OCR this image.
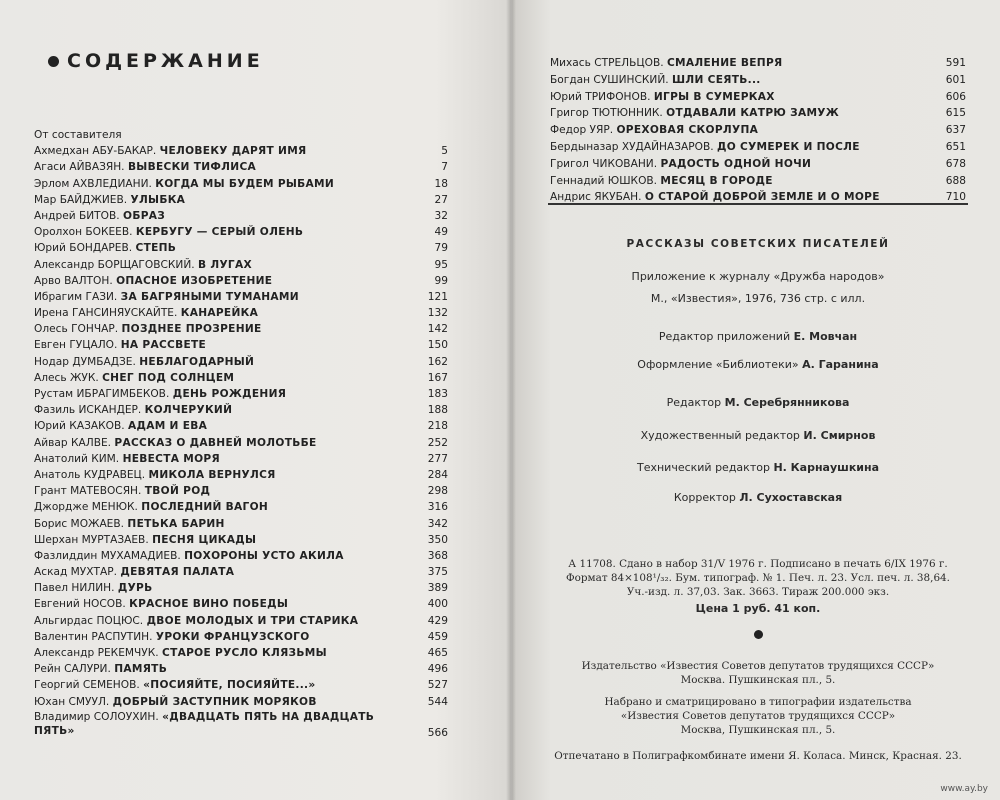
СОДЕРЖАНИЕ
От составителя
Ахмедхан АБУ-БАКАР. ЧЕЛОВЕКУ ДАРЯТ ИМЯ	5
Агаси АЙВАЗЯН. ВЫВЕСКИ ТИФЛИСА	7
Эрлом АХВЛЕДИАНИ. КОГДА МЫ БУДЕМ РЫБАМИ	18
Мар БАЙДЖИЕВ. УЛЫБКА	27
Андрей БИТОВ. ОБРАЗ	32
Оролхон БОКЕЕВ. КЕРБУГУ — СЕРЫЙ ОЛЕНЬ	49
Юрий БОНДАРЕВ. СТЕПЬ	79
Александр БОРЩАГОВСКИЙ. В ЛУГАХ	95
Арво ВАЛТОН. ОПАСНОЕ ИЗОБРЕТЕНИЕ	99
Ибрагим ГАЗИ. ЗА БАГРЯНЫМИ ТУМАНАМИ	121
Ирена ГАНСИНЯУСКАЙТЕ. КАНАРЕЙКА	132
Олесь ГОНЧАР. ПОЗДНЕЕ ПРОЗРЕНИЕ	142
Евген ГУЦАЛО. НА РАССВЕТЕ	150
Нодар ДУМБАДЗЕ. НЕБЛАГОДАРНЫЙ	162
Алесь ЖУК. СНЕГ ПОД СОЛНЦЕМ	167
Рустам ИБРАГИМБЕКОВ. ДЕНЬ РОЖДЕНИЯ	183
Фазиль ИСКАНДЕР. КОЛЧЕРУКИЙ	188
Юрий КАЗАКОВ. АДАМ И ЕВА	218
Айвар КАЛВЕ. РАССКАЗ О ДАВНЕЙ МОЛОТЬБЕ	252
Анатолий КИМ. НЕВЕСТА МОРЯ	277
Анатоль КУДРАВЕЦ. МИКОЛА ВЕРНУЛСЯ	284
Грант МАТЕВОСЯН. ТВОЙ РОД	298
Джордже МЕНЮК. ПОСЛЕДНИЙ ВАГОН	316
Борис МОЖАЕВ. ПЕТЬКА БАРИН	342
Шерхан МУРТАЗАЕВ. ПЕСНЯ ЦИКАДЫ	350
Фазлиддин МУХАМАДИЕВ. ПОХОРОНЫ УСТО АКИЛА	368
Аскад МУХТАР. ДЕВЯТАЯ ПАЛАТА	375
Павел НИЛИН. ДУРЬ	389
Евгений НОСОВ. КРАСНОЕ ВИНО ПОБЕДЫ	400
Альгирдас ПОЦЮС. ДВОЕ МОЛОДЫХ И ТРИ СТАРИКА	429
Валентин РАСПУТИН. УРОКИ ФРАНЦУЗСКОГО	459
Александр РЕКЕМЧУК. СТАРОЕ РУСЛО КЛЯЗЬМЫ	465
Рейн САЛУРИ. ПАМЯТЬ	496
Георгий СЕМЕНОВ. «ПОСИЯЙТЕ, ПОСИЯЙТЕ...»	527
Юхан СМУУЛ. ДОБРЫЙ ЗАСТУПНИК МОРЯКОВ	544
Владимир СОЛОУХИН. «ДВАДЦАТЬ ПЯТЬ НА ДВАДЦАТЬ ПЯТЬ»	566
Михась СТРЕЛЬЦОВ. СМАЛЕНИЕ ВЕПРЯ	591
Богдан СУШИНСКИЙ. ШЛИ СЕЯТЬ...	601
Юрий ТРИФОНОВ. ИГРЫ В СУМЕРКАХ	606
Григор ТЮТЮННИК. ОТДАВАЛИ КАТРЮ ЗАМУЖ	615
Федор УЯР. ОРЕХОВАЯ СКОРЛУПА	637
Бердыназар ХУДАЙНАЗАРОВ. ДО СУМЕРЕК И ПОСЛЕ	651
Григол ЧИКОВАНИ. РАДОСТЬ ОДНОЙ НОЧИ	678
Геннадий ЮШКОВ. МЕСЯЦ В ГОРОДЕ	688
Андрис ЯКУБАН. О СТАРОЙ ДОБРОЙ ЗЕМЛЕ И О МОРЕ	710
РАССКАЗЫ СОВЕТСКИХ ПИСАТЕЛЕЙ
Приложение к журналу «Дружба народов»
М., «Известия», 1976, 736 стр. с илл.
Редактор приложений Е. Мовчан
Оформление «Библиотеки» А. Гаранина
Редактор М. Серебрянникова
Художественный редактор И. Смирнов
Технический редактор Н. Карнаушкина
Корректор Л. Сухоставская
А 11708. Сдано в набор 31/V 1976 г. Подписано в печать 6/IX 1976 г.
Формат 84×108¹/₃₂. Бум. типограф. № 1. Печ. л. 23. Усл. печ. л. 38,64.
Уч.-изд. л. 37,03. Зак. 3663. Тираж 200.000 экз.
Цена 1 руб. 41 коп.
Издательство «Известия Советов депутатов трудящихся СССР»
Москва. Пушкинская пл., 5.
Набрано и сматрицировано в типографии издательства
«Известия Советов депутатов трудящихся СССР»
Москва, Пушкинская пл., 5.
Отпечатано в Полиграфкомбинате имени Я. Коласа. Минск, Красная. 23.
www.ay.by
